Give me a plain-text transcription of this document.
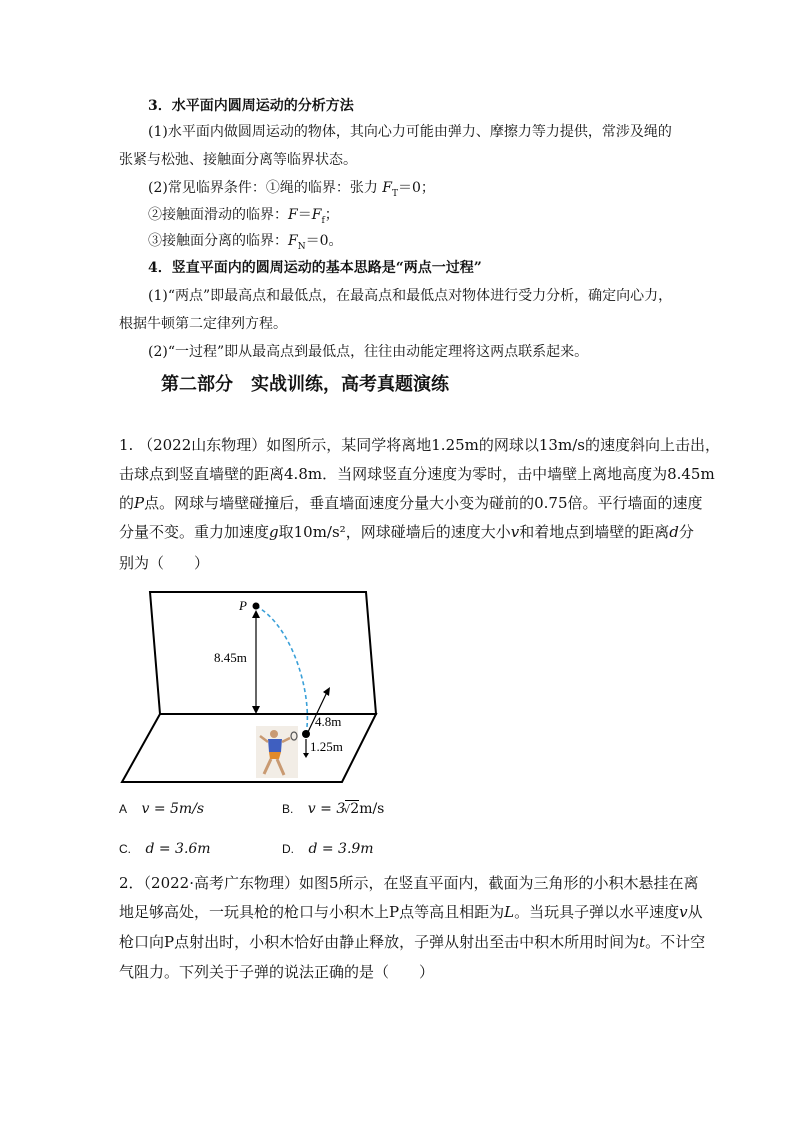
3．水平面内圆周运动的分析方法
(1)水平面内做圆周运动的物体，其向心力可能由弹力、摩擦力等力提供，常涉及绳的
张紧与松弛、接触面分离等临界状态。
(2)常见临界条件：①绳的临界：张力 $F_T=0$；
②接触面滑动的临界：$F=F_f$；
③接触面分离的临界：$F_N=0$。
4．竖直平面内的圆周运动的基本思路是“两点一过程”
(1)“两点”即最高点和最低点，在最高点和最低点对物体进行受力分析，确定向心力，
根据牛顿第二定律列方程。
(2)“一过程”即从最高点到最低点，往往由动能定理将这两点联系起来。
第二部分　实战训练，高考真题演练
1. （2022山东物理）如图所示，某同学将离地1.25m的网球以13m/s的速度斜向上击出，
击球点到竖直墙壁的距离4.8m．当网球竖直分速度为零时，击中墙壁上离地高度为8.45m
的P点。网球与墙壁碰撞后，垂直墙面速度分量大小变为碰前的0.75倍。平行墙面的速度
分量不变。重力加速度g取10m/s²，网球碰墙后的速度大小v和着地点到墙壁的距离d分
别为（　　）
P
8.45m
4.8m
1.25m
A v = 5m/s	B. v = 3√2m/s
C. d = 3.6m	D. d = 3.9m
2．（2022·高考广东物理）如图5所示，在竖直平面内，截面为三角形的小积木悬挂在离
地足够高处，一玩具枪的枪口与小积木上P点等高且相距为L。当玩具子弹以水平速度v从
枪口向P点射出时，小积木恰好由静止释放，子弹从射出至击中积木所用时间为t。不计空
气阻力。下列关于子弹的说法正确的是（　　）
